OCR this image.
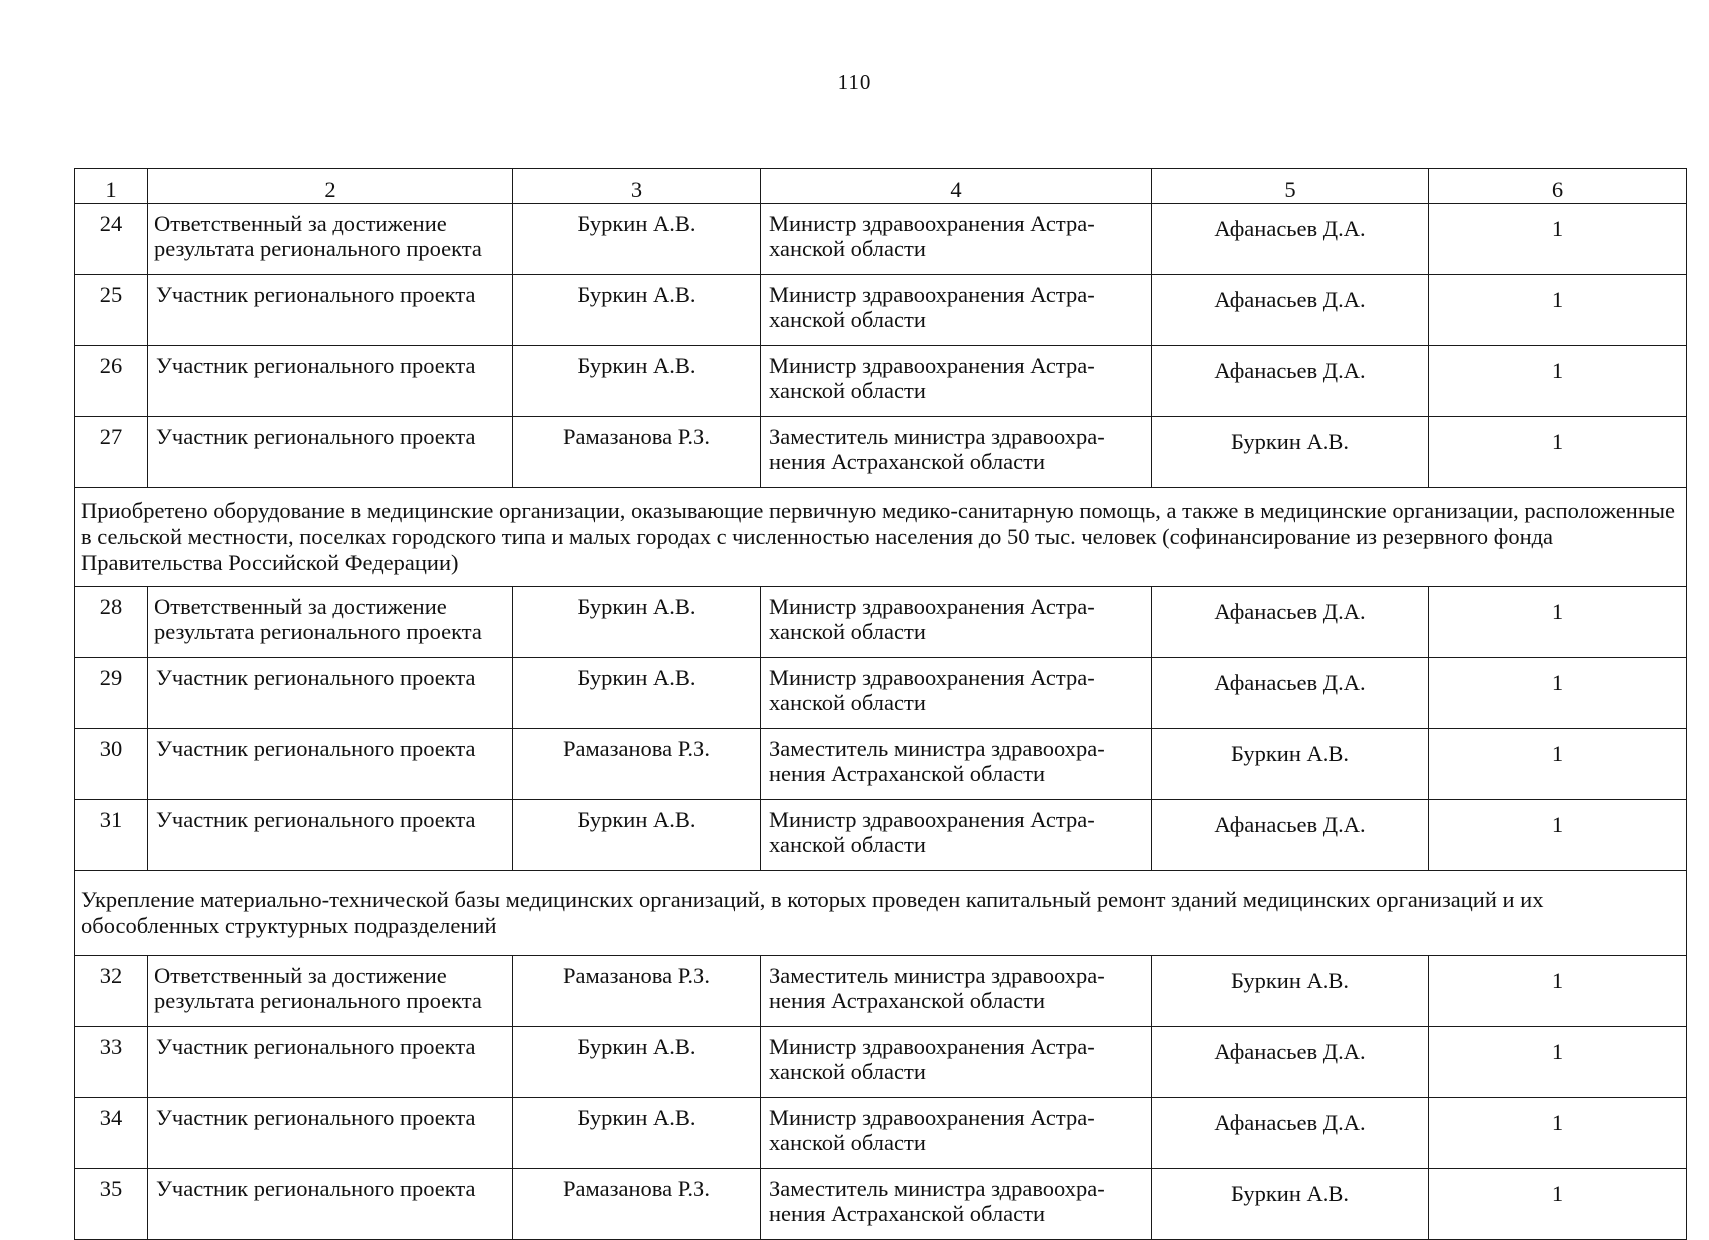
110
1	2	3	4	5	6
24	Ответственный за достижение результата регионального проекта	Буркин А.В.	Министр здравоохранения Астра-ханской области	Афанасьев Д.А.	1
25	Участник регионального проекта	Буркин А.В.	Министр здравоохранения Астра-ханской области	Афанасьев Д.А.	1
26	Участник регионального проекта	Буркин А.В.	Министр здравоохранения Астра-ханской области	Афанасьев Д.А.	1
27	Участник регионального проекта	Рамазанова Р.З.	Заместитель министра здравоохра-нения Астраханской области	Буркин А.В.	1
Приобретено оборудование в медицинские организации, оказывающие первичную медико-санитарную помощь, а также в медицинские организации, расположенные в сельской местности, поселках городского типа и малых городах с численностью населения до 50 тыс. человек (софинансирование из резервного фонда Правительства Российской Федерации)					
28	Ответственный за достижение результата регионального проекта	Буркин А.В.	Министр здравоохранения Астра-ханской области	Афанасьев Д.А.	1
29	Участник регионального проекта	Буркин А.В.	Министр здравоохранения Астра-ханской области	Афанасьев Д.А.	1
30	Участник регионального проекта	Рамазанова Р.З.	Заместитель министра здравоохра-нения Астраханской области	Буркин А.В.	1
31	Участник регионального проекта	Буркин А.В.	Министр здравоохранения Астра-ханской области	Афанасьев Д.А.	1
Укрепление материально-технической базы медицинских организаций, в которых проведен капитальный ремонт зданий медицинских организаций и их обособленных структурных подразделений					
32	Ответственный за достижение результата регионального проекта	Рамазанова Р.З.	Заместитель министра здравоохра-нения Астраханской области	Буркин А.В.	1
33	Участник регионального проекта	Буркин А.В.	Министр здравоохранения Астра-ханской области	Афанасьев Д.А.	1
34	Участник регионального проекта	Буркин А.В.	Министр здравоохранения Астра-ханской области	Афанасьев Д.А.	1
35	Участник регионального проекта	Рамазанова Р.З.	Заместитель министра здравоохра-нения Астраханской области	Буркин А.В.	1
